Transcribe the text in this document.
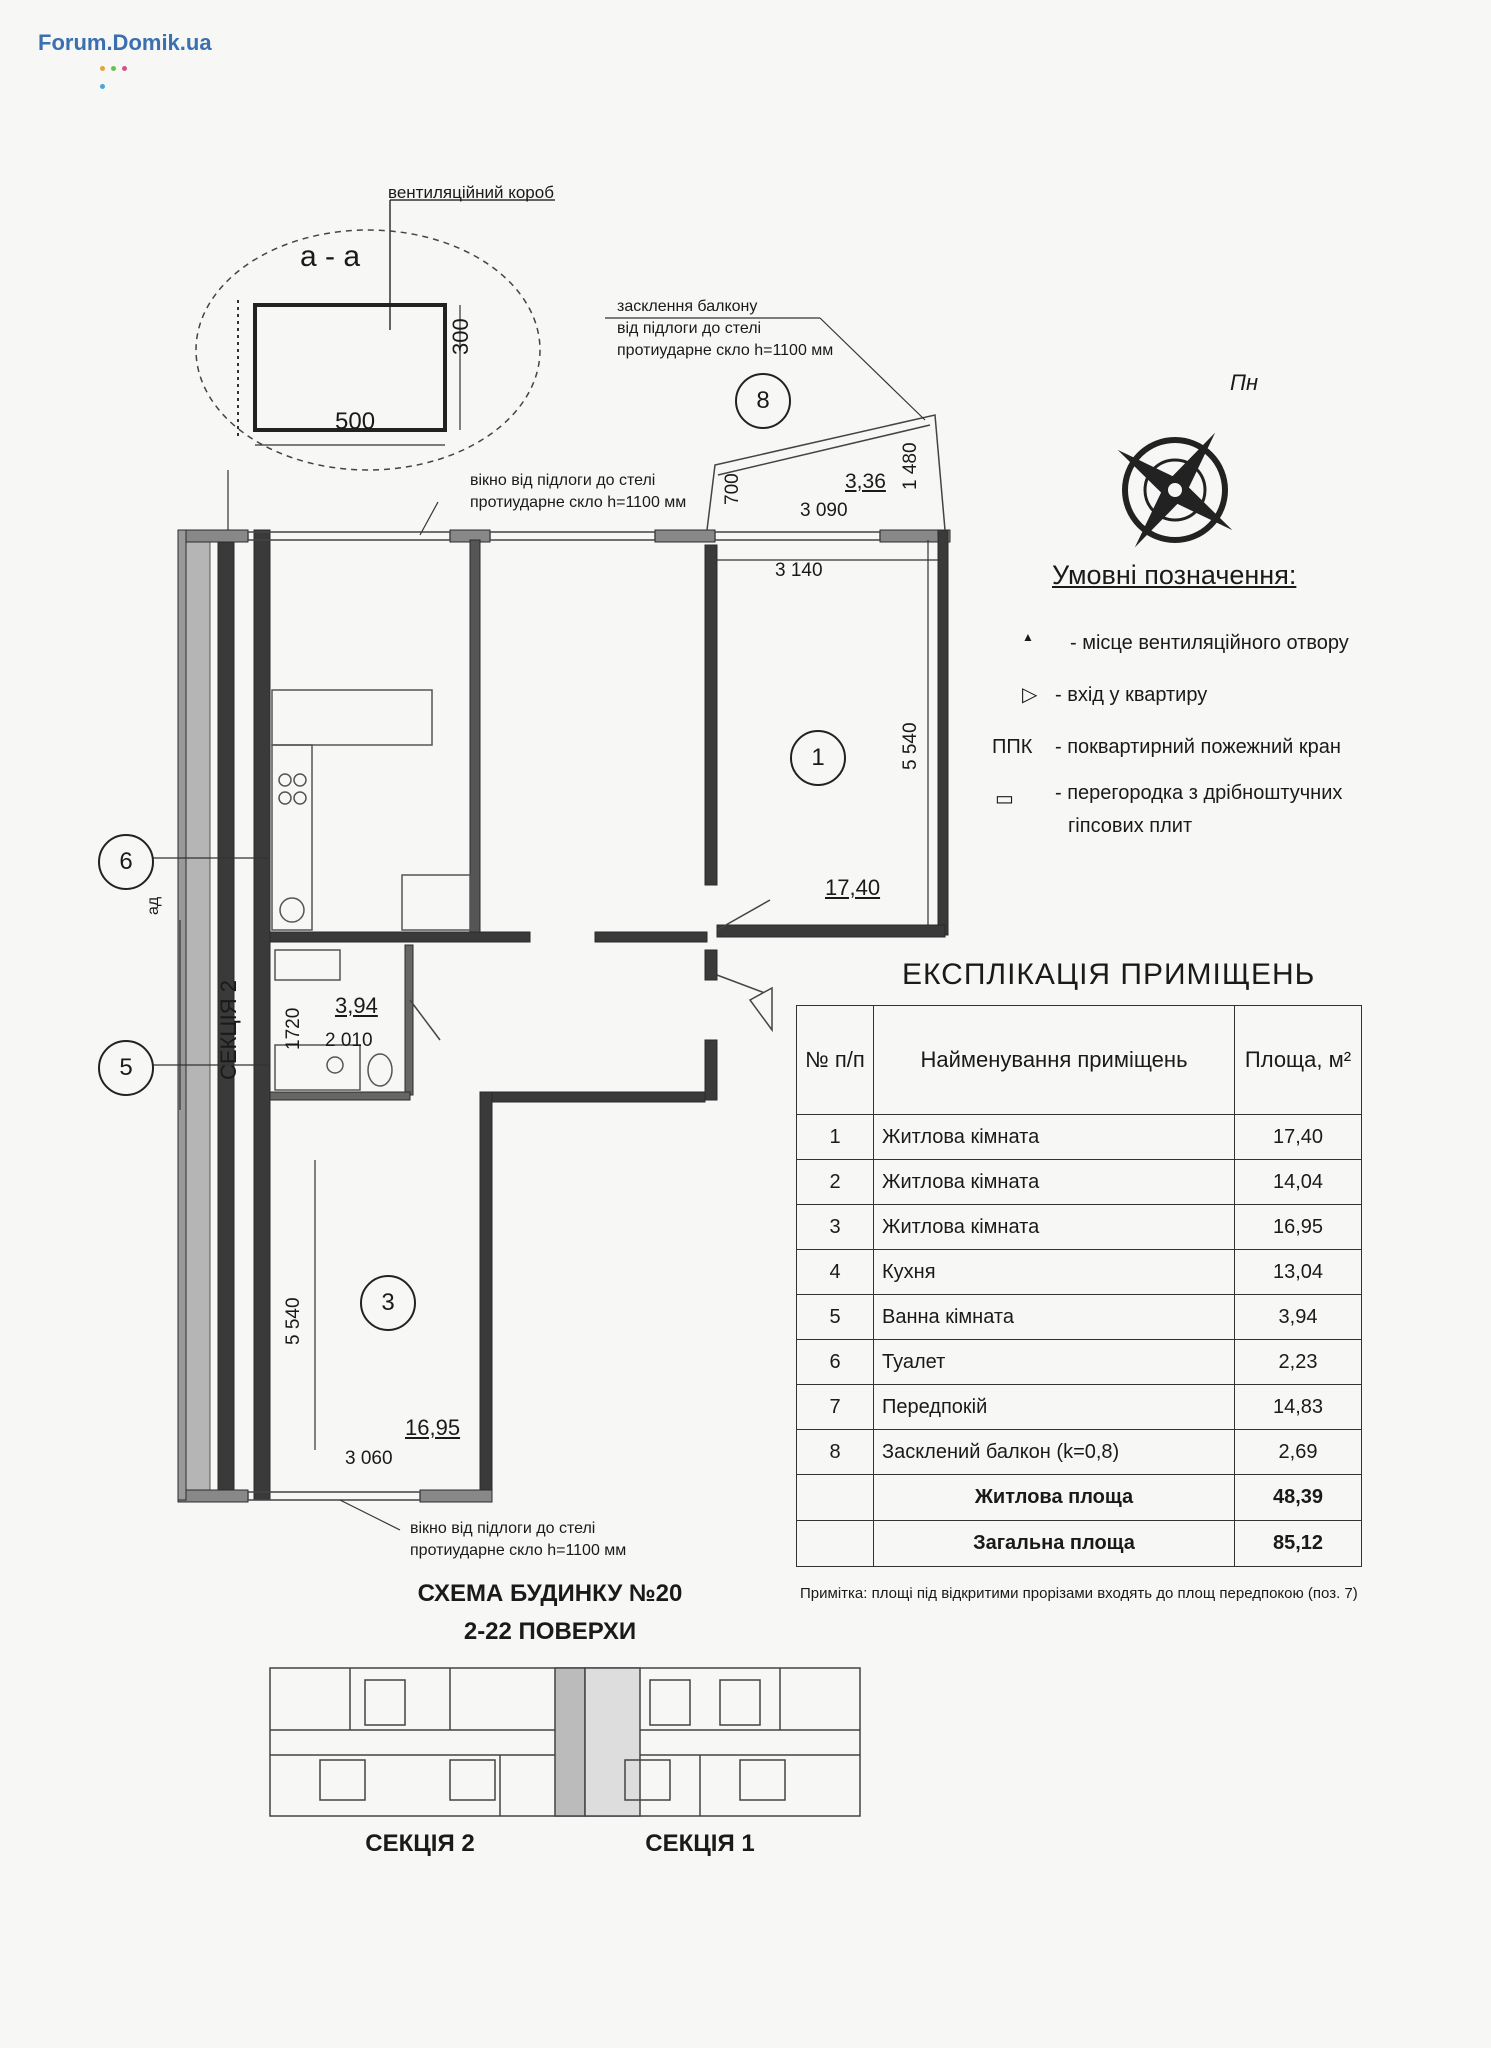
Forum.Domik.ua
вентиляційний короб
а - а
500
300
засклення балкону
від підлоги до стелі
протиударне скло h=1100 мм
вікно від підлоги до стелі
протиударне скло h=1100 мм
вікно від підлоги до стелі
протиударне скло h=1100 мм
700	3,36 1 480
3 090
3 140
5 540
1720 2 010
5 540
3 060
17,40
3,94
16,95
1
3
8
6
5	СЕКЦІЯ 2
ад
Пн
Умовні позначення:
▲ - місце вентиляційного отвору
▷ - вхід у квартиру
ППК - поквартирний пожежний кран
▭ - перегородка з дрібноштучних
гіпсових плит
ЕКСПЛІКАЦІЯ ПРИМІЩЕНЬ
№ п/п	Найменування приміщень	Площа, м²
1	Житлова кімната	17,40
2	Житлова кімната	14,04
3	Житлова кімната	16,95
4	Кухня	13,04
5	Ванна кімната	3,94
6	Туалет	2,23
7	Передпокій	14,83
8	Засклений балкон (k=0,8)	2,69
	Житлова площа	48,39
	Загальна площа	85,12
Примітка: площі під відкритими прорізами входять до площ передпокою (поз. 7)
СХЕМА БУДИНКУ №20
2-22 ПОВЕРХИ
СЕКЦІЯ 2	СЕКЦІЯ 1
